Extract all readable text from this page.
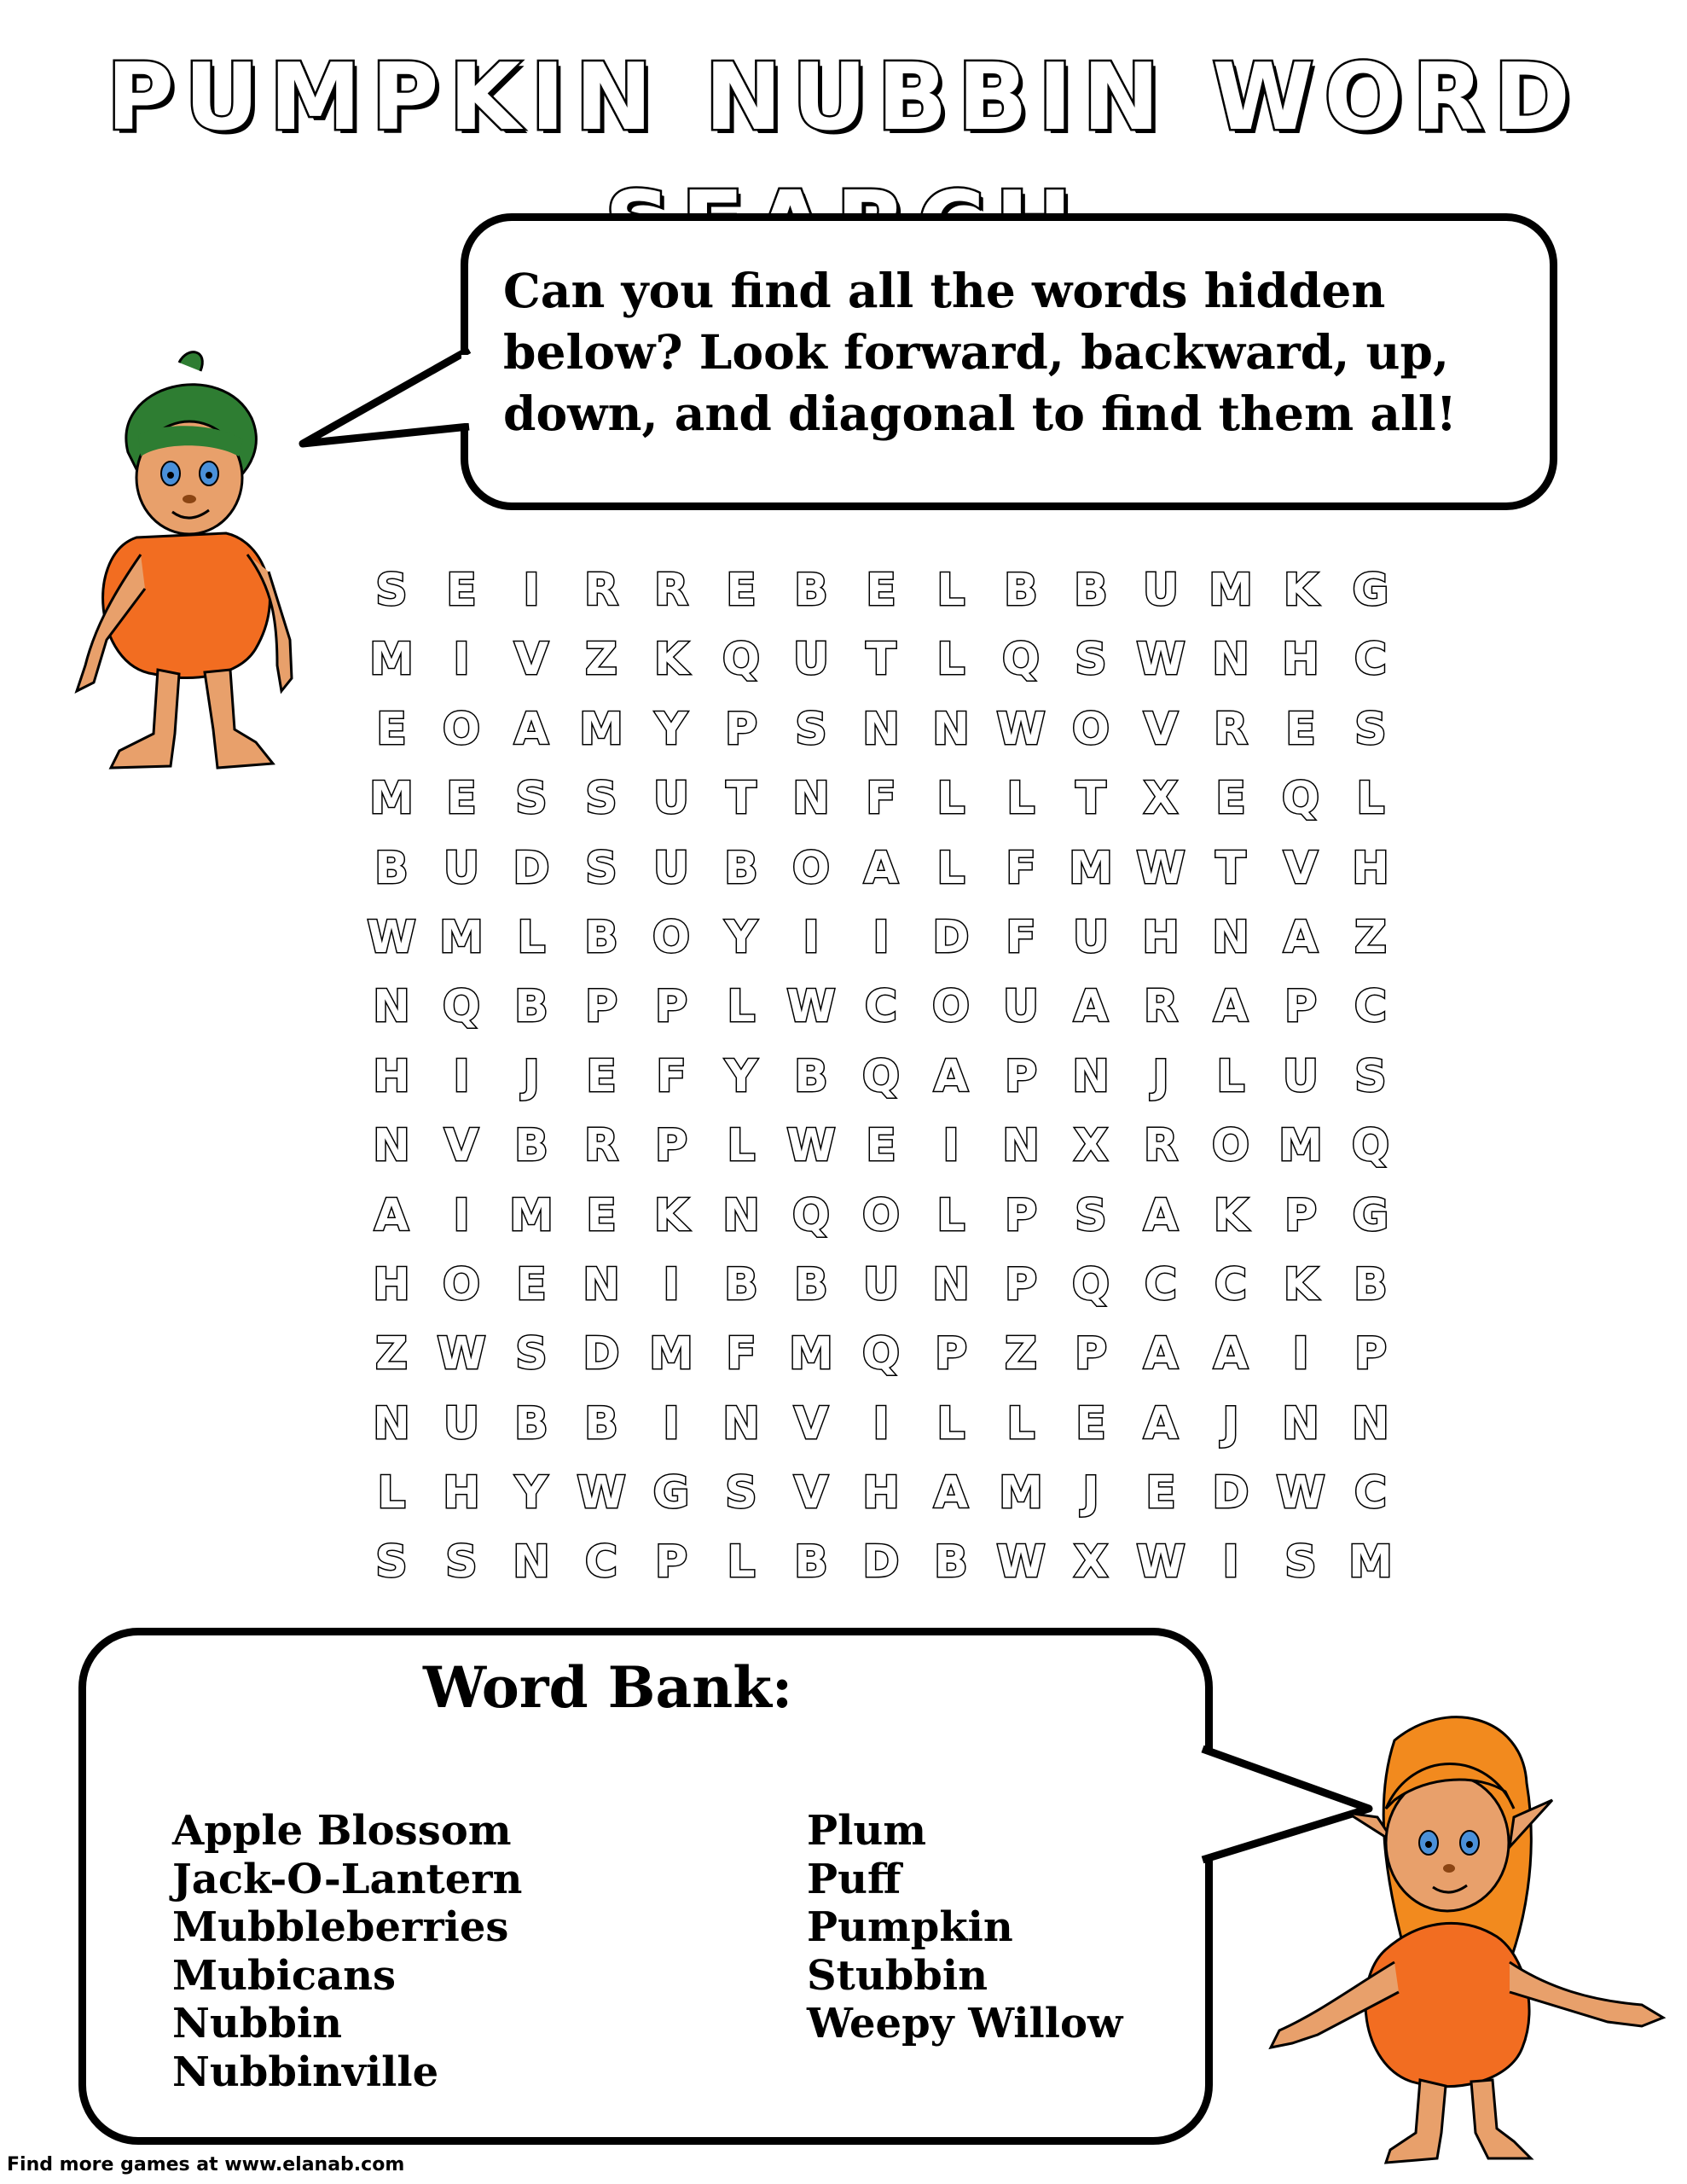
PUMPKIN NUBBIN WORD
Can you find all the words hidden below? Look forward, backward, up, down, and diagonal to find them all!
S E	I	R R E B E L B B U M K G
M I	V Z K Q U T L Q S W N H C
E O A M Y P S N N W O V R E S
M E S S U T N F L L T X E Q L
B U D S U B O A L F M W T V H
W M L B O Y	I	I D F U H N A Z
N Q B P P L W C O U A R A P C
H I	J	E F Y B Q A P N J	L U S
N V B R P L W E	I N X R O M Q
A	I M E K N Q O L P S A K P G
H O E N I	B B U N P Q C C K B
Z W S D M F M Q P Z P A A	I	P
N U B B	I N V	I	L L E A	J N N
L H Y W G S V H A M J	E D W C
S S N C P L B D B W X W I	S M
Word Bank:
Apple Blossom
Jack-O-Lantern
Mubbleberries
Mubicans
Nubbin
Nubbinville
Plum
Puff
Pumpkin
Stubbin
Weepy Willow
Find more games at www.elanab.com
